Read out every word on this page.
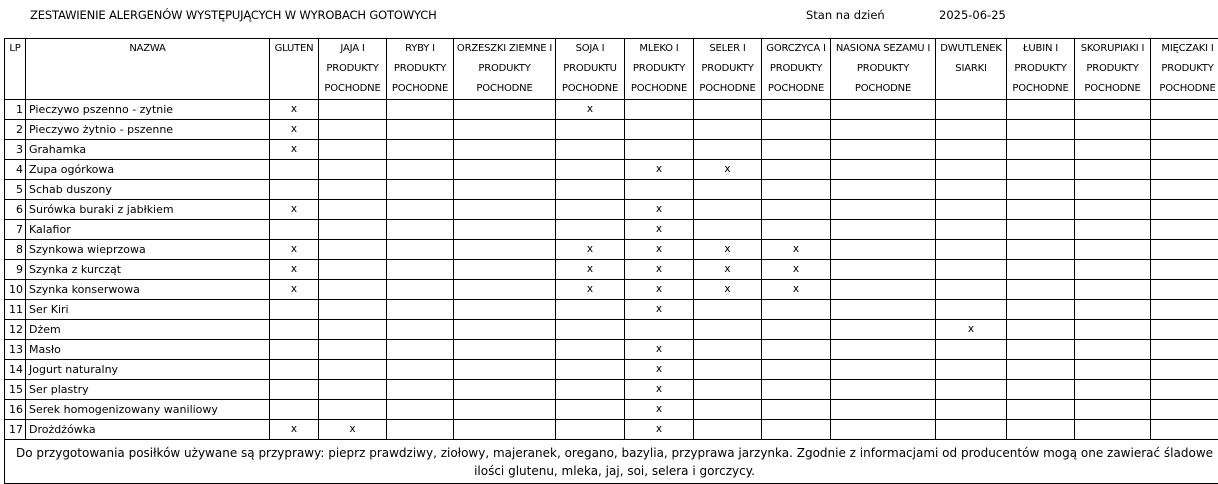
ZESTAWIENIE ALERGENÓW WYSTĘPUJĄCYCH W WYROBACH GOTOWYCH	Stan na dzień	2025-06-25
LP	NAZWA	GLUTEN	JAJA I PRODUKTY POCHODNE	RYBY I PRODUKTY POCHODNE	ORZESZKI ZIEMNE I PRODUKTY POCHODNE	SOJA I PRODUKTU POCHODNE	MLEKO I PRODUKTY POCHODNE	SELER I PRODUKTY POCHODNE	GORCZYCA I PRODUKTY POCHODNE	NASIONA SEZAMU I PRODUKTY POCHODNE	DWUTLENEK SIARKI	ŁUBIN I PRODUKTY POCHODNE	SKORUPIAKI I PRODUKTY POCHODNE	MIĘCZAKI I PRODUKTY POCHODNE
1	Pieczywo pszenno - zytnie	x				x								
2	Pieczywo żytnio - pszenne	x												
3	Grahamka	x												
4	Zupa ogórkowa						x	x						
5	Schab duszony													
6	Surówka buraki z jabłkiem	x					x							
7	Kalafior						x							
8	Szynkowa wieprzowa	x				x	x	x	x					
9	Szynka z kurcząt	x				x	x	x	x					
10	Szynka konserwowa	x				x	x	x	x					
11	Ser Kiri						x							
12	Dżem										x			
13	Masło						x							
14	Jogurt naturalny						x							
15	Ser plastry						x							
16	Serek homogenizowany waniliowy						x							
17	Drożdżówka	x	x				x							
Do przygotowania posiłków używane są przyprawy: pieprz prawdziwy, ziołowy, majeranek, oregano, bazylia, przyprawa jarzynka. Zgodnie z informacjami od producentów mogą one zawierać śladowe ilości glutenu, mleka, jaj, soi, selera i gorczycy.														
